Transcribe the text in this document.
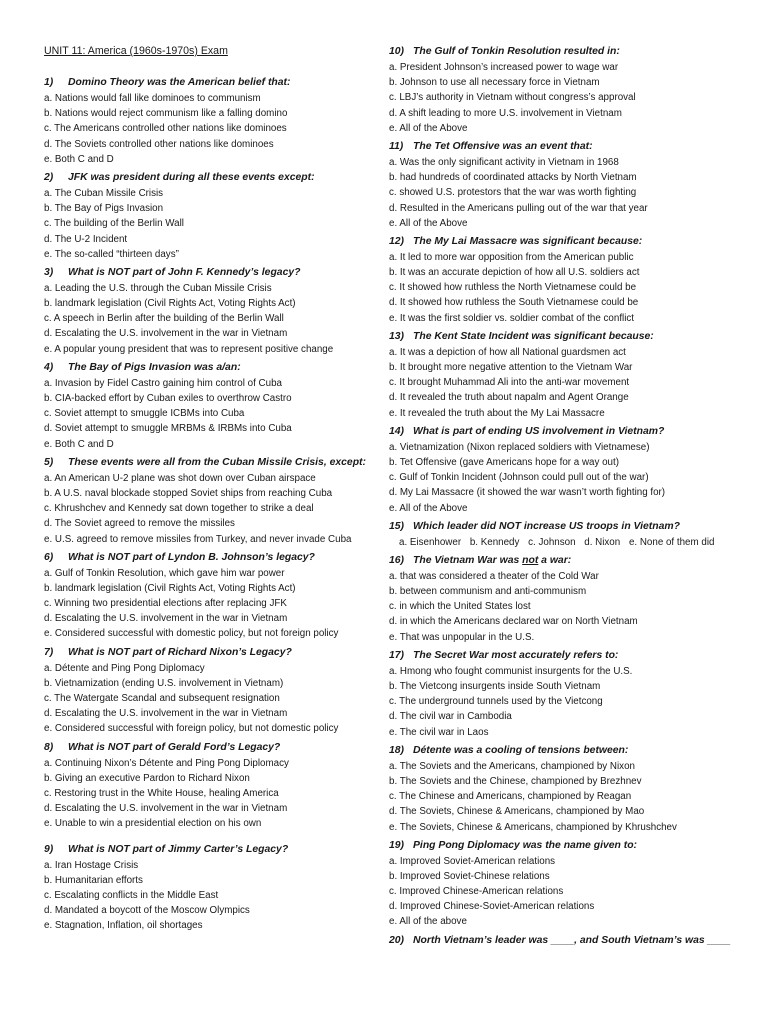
UNIT 11: America (1960s-1970s) Exam
1) Domino Theory was the American belief that:
a. Nations would fall like dominoes to communism
b. Nations would reject communism like a falling domino
c. The Americans controlled other nations like dominoes
d. The Soviets controlled other nations like dominoes
e. Both C and D
2) JFK was president during all these events except:
a. The Cuban Missile Crisis
b. The Bay of Pigs Invasion
c. The building of the Berlin Wall
d. The U-2 Incident
e. The so-called “thirteen days”
3) What is NOT part of John F. Kennedy’s legacy?
a. Leading the U.S. through the Cuban Missile Crisis
b. landmark legislation (Civil Rights Act, Voting Rights Act)
c. A speech in Berlin after the building of the Berlin Wall
d. Escalating the U.S. involvement in the war in Vietnam
e. A popular young president that was to represent positive change
4) The Bay of Pigs Invasion was a/an:
a. Invasion by Fidel Castro gaining him control of Cuba
b. CIA-backed effort by Cuban exiles to overthrow Castro
c. Soviet attempt to smuggle ICBMs into Cuba
d. Soviet attempt to smuggle MRBMs & IRBMs into Cuba
e. Both C and D
5) These events were all from the Cuban Missile Crisis, except:
a. An American U-2 plane was shot down over Cuban airspace
b. A U.S. naval blockade stopped Soviet ships from reaching Cuba
c. Khrushchev and Kennedy sat down together to strike a deal
d. The Soviet agreed to remove the missiles
e. U.S. agreed to remove missiles from Turkey, and never invade Cuba
6) What is NOT part of Lyndon B. Johnson’s legacy?
a. Gulf of Tonkin Resolution, which gave him war power
b. landmark legislation (Civil Rights Act, Voting Rights Act)
c. Winning two presidential elections after replacing JFK
d. Escalating the U.S. involvement in the war in Vietnam
e. Considered successful with domestic policy, but not foreign policy
7) What is NOT part of Richard Nixon’s Legacy?
a. Détente and Ping Pong Diplomacy
b. Vietnamization (ending U.S. involvement in Vietnam)
c. The Watergate Scandal and subsequent resignation
d. Escalating the U.S. involvement in the war in Vietnam
e. Considered successful with foreign policy, but not domestic policy
8) What is NOT part of Gerald Ford’s Legacy?
a. Continuing Nixon’s Détente and Ping Pong Diplomacy
b. Giving an executive Pardon to Richard Nixon
c. Restoring trust in the White House, healing America
d. Escalating the U.S. involvement in the war in Vietnam
e. Unable to win a presidential election on his own
9) What is NOT part of Jimmy Carter’s Legacy?
a. Iran Hostage Crisis
b. Humanitarian efforts
c. Escalating conflicts in the Middle East
d. Mandated a boycott of the Moscow Olympics
e. Stagnation, Inflation, oil shortages
10) The Gulf of Tonkin Resolution resulted in:
a. President Johnson’s increased power to wage war
b. Johnson to use all necessary force in Vietnam
c. LBJ’s authority in Vietnam without congress’s approval
d. A shift leading to more U.S. involvement in Vietnam
e. All of the Above
11) The Tet Offensive was an event that:
a. Was the only significant activity in Vietnam in 1968
b. had hundreds of coordinated attacks by North Vietnam
c. showed U.S. protestors that the war was worth fighting
d. Resulted in the Americans pulling out of the war that year
e. All of the Above
12) The My Lai Massacre was significant because:
a. It led to more war opposition from the American public
b. It was an accurate depiction of how all U.S. soldiers act
c. It showed how ruthless the North Vietnamese could be
d. It showed how ruthless the South Vietnamese could be
e. It was the first soldier vs. soldier combat of the conflict
13) The Kent State Incident was significant because:
a. It was a depiction of how all National guardsmen act
b. It brought more negative attention to the Vietnam War
c. It brought Muhammad Ali into the anti-war movement
d. It revealed the truth about napalm and Agent Orange
e. It revealed the truth about the My Lai Massacre
14) What is part of ending US involvement in Vietnam?
a. Vietnamization (Nixon replaced soldiers with Vietnamese)
b. Tet Offensive (gave Americans hope for a way out)
c. Gulf of Tonkin Incident (Johnson could pull out of the war)
d. My Lai Massacre (it showed the war wasn’t worth fighting for)
e. All of the Above
15) Which leader did NOT increase US troops in Vietnam?
a. Eisenhower b. Kennedy c. Johnson d. Nixon e. None of them did
16) The Vietnam War was not a war:
a. that was considered a theater of the Cold War
b. between communism and anti-communism
c. in which the United States lost
d. in which the Americans declared war on North Vietnam
e. That was unpopular in the U.S.
17) The Secret War most accurately refers to:
a. Hmong who fought communist insurgents for the U.S.
b. The Vietcong insurgents inside South Vietnam
c. The underground tunnels used by the Vietcong
d. The civil war in Cambodia
e. The civil war in Laos
18) Détente was a cooling of tensions between:
a. The Soviets and the Americans, championed by Nixon
b. The Soviets and the Chinese, championed by Brezhnev
c. The Chinese and Americans, championed by Reagan
d. The Soviets, Chinese & Americans, championed by Mao
e. The Soviets, Chinese & Americans, championed by Khrushchev
19) Ping Pong Diplomacy was the name given to:
a. Improved Soviet-American relations
b. Improved Soviet-Chinese relations
c. Improved Chinese-American relations
d. Improved Chinese-Soviet-American relations
e. All of the above
20) North Vietnam’s leader was ____, and South Vietnam’s was ____
